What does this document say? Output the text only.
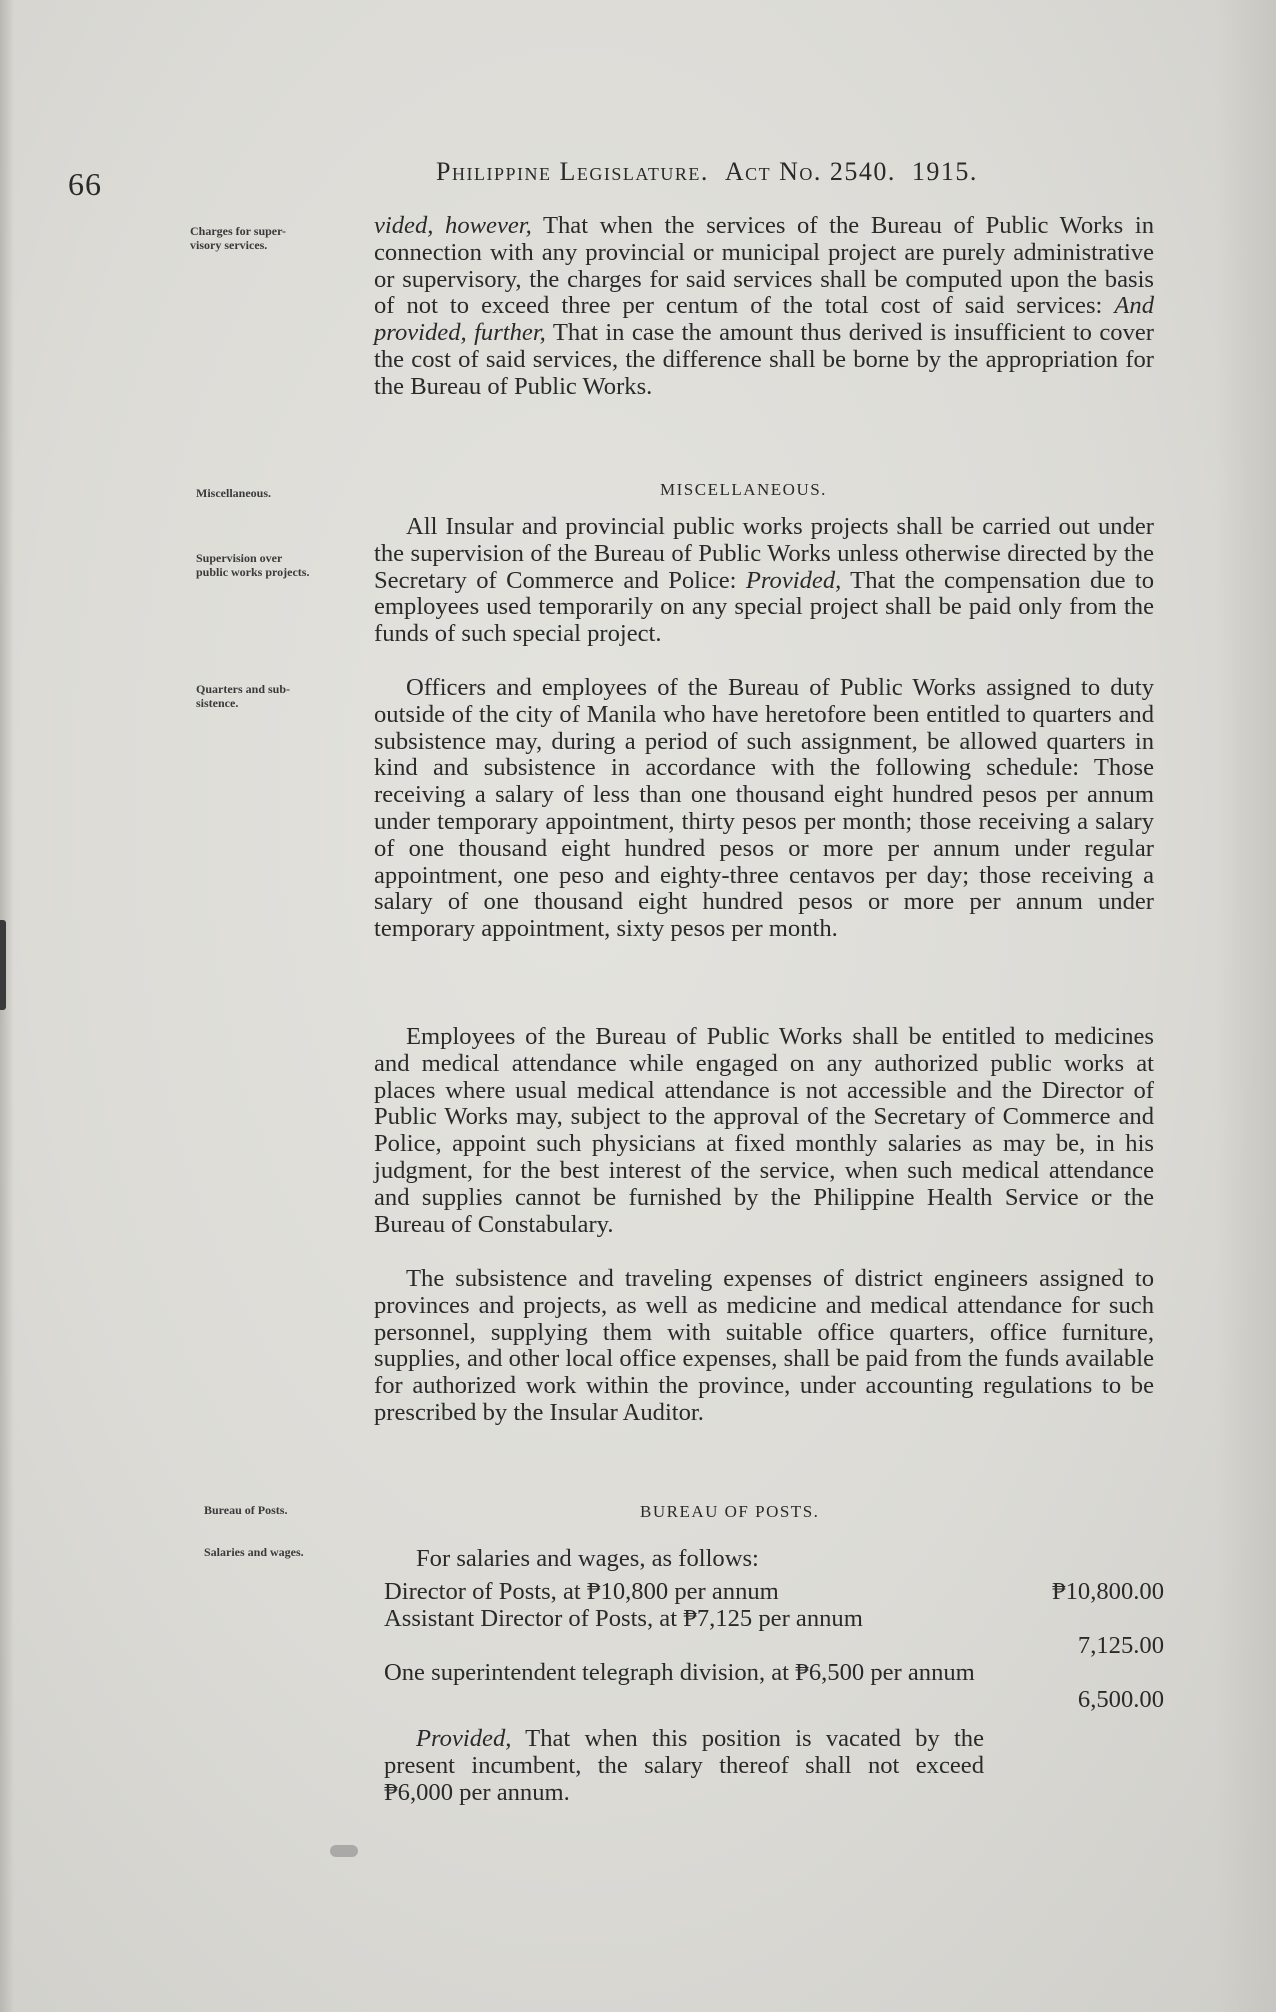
66	Philippine Legislature. Act No. 2540. 1915.
Charges for super-
visory services.
Miscellaneous.
Supervision over
public works projects.
Quarters and sub-
sistence.
Bureau of Posts.
Salaries and wages.

vided, however, That when the services of the Bureau of Public Works in connection with any provincial or municipal project are purely administrative or supervisory, the charges for said services shall be computed upon the basis of not to exceed three per centum of the total cost of said services: And provided, further, That in case the amount thus derived is insufficient to cover the cost of said services, the difference shall be borne by the appropriation for the Bureau of Public Works.

MISCELLANEOUS.

All Insular and provincial public works projects shall be carried out under the supervision of the Bureau of Public Works unless otherwise directed by the Secretary of Commerce and Police: Provided, That the compensation due to employees used temporarily on any special project shall be paid only from the funds of such special project.

Officers and employees of the Bureau of Public Works assigned to duty outside of the city of Manila who have heretofore been entitled to quarters and subsistence may, during a period of such assignment, be allowed quarters in kind and subsistence in accordance with the following schedule: Those receiving a salary of less than one thousand eight hundred pesos per annum under temporary appointment, thirty pesos per month; those receiving a salary of one thousand eight hundred pesos or more per annum under regular appointment, one peso and eighty-three centavos per day; those receiving a salary of one thousand eight hundred pesos or more per annum under temporary appointment, sixty pesos per month.

Employees of the Bureau of Public Works shall be entitled to medicines and medical attendance while engaged on any authorized public works at places where usual medical attendance is not accessible and the Director of Public Works may, subject to the approval of the Secretary of Commerce and Police, appoint such physicians at fixed monthly salaries as may be, in his judgment, for the best interest of the service, when such medical attendance and supplies cannot be furnished by the Philippine Health Service or the Bureau of Constabulary.

The subsistence and traveling expenses of district engineers assigned to provinces and projects, as well as medicine and medical attendance for such personnel, supplying them with suitable office quarters, office furniture, supplies, and other local office expenses, shall be paid from the funds available for authorized work within the province, under accounting regulations to be prescribed by the Insular Auditor.

BUREAU OF POSTS.

For salaries and wages, as follows:

Director of Posts, at ₱10,800 per annum	₱10,800.00
Assistant Director of Posts, at ₱7,125 per annum
7,125.00
One superintendent telegraph division, at ₱6,500 per annum
6,500.00

Provided, That when this position is vacated by the present incumbent, the salary thereof shall not exceed ₱6,000 per annum.
